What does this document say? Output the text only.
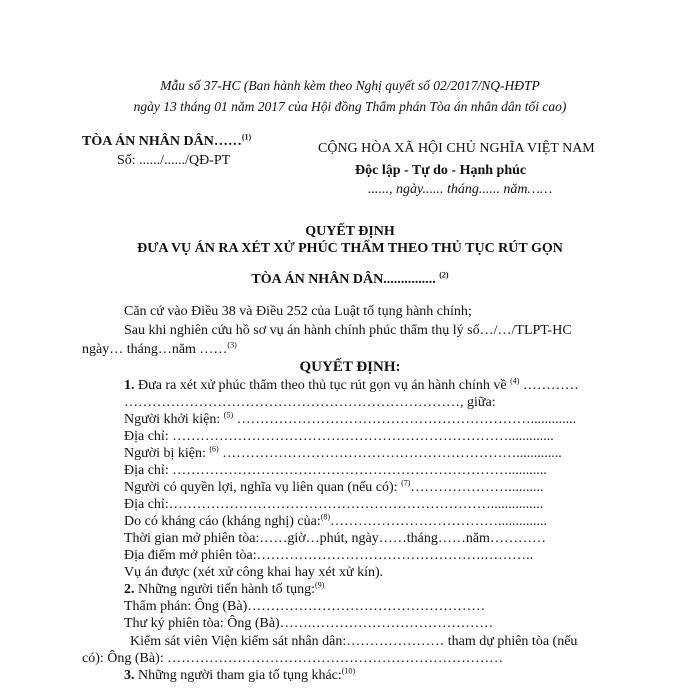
Mẫu số 37-HC (Ban hành kèm theo Nghị quyết số 02/2017/NQ-HĐTP
ngày 13 tháng 01 năm 2017 của Hội đồng Thẩm phán Tòa án nhân dân tối cao)
TÒA ÁN NHÂN DÂN……$^{(1)}$
Số: ....../....../QĐ-PT
CỘNG HÒA XÃ HỘI CHỦ NGHĨA VIỆT NAM
Độc lập - Tự do - Hạnh phúc
......, ngày...... tháng...... năm……
QUYẾT ĐỊNH
ĐƯA VỤ ÁN RA XÉT XỬ PHÚC THẨM THEO THỦ TỤC RÚT GỌN
TÒA ÁN NHÂN DÂN............... $^{(2)}$
Căn cứ vào Điều 38 và Điều 252 của Luật tố tụng hành chính;
Sau khi nghiên cứu hồ sơ vụ án hành chính phúc thẩm thụ lý số…/…/TLPT-HC
ngày… tháng…năm ……$^{(3)}$
QUYẾT ĐỊNH:
1. Đưa ra xét xử phúc thẩm theo thủ tục rút gọn vụ án hành chính về $^{(4)}$ …………
………………………………………………………………, giữa:
Người khởi kiện: $^{(5)}$ ……………………………………………………….............
Địa chỉ: ……………………………………………………………….............
Người bị kiện: $^{(6)}$ ……………………………………………………….............
Địa chỉ: ………………………………………………………………...........
Người có quyền lợi, nghĩa vụ liên quan (nếu có): $^{(7)}$…………………..........
Địa chỉ:……………………………………………………………...............
Do có kháng cáo (kháng nghị) của:$^{(8)}$………………………………..............
Thời gian mở phiên tòa:……giờ…phút, ngày……tháng……năm…………
Địa điểm mở phiên tòa:………………………………………….………..
Vụ án được (xét xử công khai hay xét xử kín).
2. Những người tiến hành tố tụng:$^{(9)}$
Thẩm phán: Ông (Bà)……………………………………………
Thư ký phiên tòa: Ông (Bà)…….…………………………………
Kiểm sát viên Viện kiểm sát nhân dân:………………… tham dự phiên tòa (nếu
có): Ông (Bà): ………………………………………………………………
3. Những người tham gia tố tụng khác:$^{(10)}$
